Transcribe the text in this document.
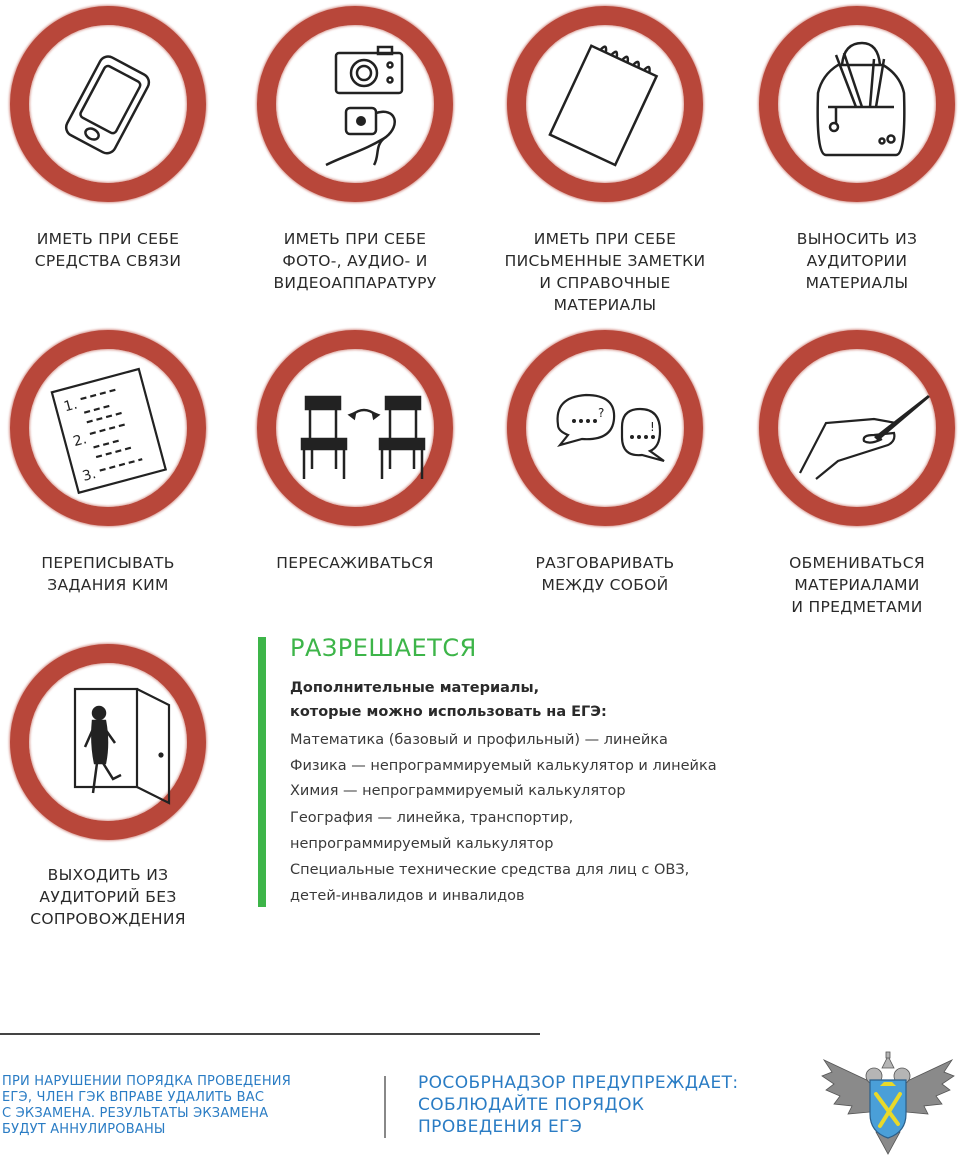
ИМЕТЬ ПРИ СЕБЕ
СРЕДСТВА СВЯЗИ
ИМЕТЬ ПРИ СЕБЕ
ФОТО-, АУДИО- И
ВИДЕОАППАРАТУРУ
ИМЕТЬ ПРИ СЕБЕ
ПИСЬМЕННЫЕ ЗАМЕТКИ
И СПРАВОЧНЫЕ
МАТЕРИАЛЫ
ВЫНОСИТЬ ИЗ
АУДИТОРИИ
МАТЕРИАЛЫ
1.
2.
3.
?
!
ПЕРЕПИСЫВАТЬ
ЗАДАНИЯ КИМ
ПЕРЕСАЖИВАТЬСЯ	РАЗГОВАРИВАТЬ
МЕЖДУ СОБОЙ
ОБМЕНИВАТЬСЯ
МАТЕРИАЛАМИ
И ПРЕДМЕТАМИ
ВЫХОДИТЬ ИЗ
АУДИТОРИЙ БЕЗ
СОПРОВОЖДЕНИЯ
РАЗРЕШАЕТСЯ
Дополнительные материалы,
которые можно использовать на ЕГЭ:
Математика (базовый и профильный) — линейка
Физика — непрограммируемый калькулятор и линейка
Химия — непрограммируемый калькулятор
География — линейка, транспортир,
непрограммируемый калькулятор
Специальные технические средства для лиц с ОВЗ,
детей-инвалидов и инвалидов
ПРИ НАРУШЕНИИ ПОРЯДКА ПРОВЕДЕНИЯ
ЕГЭ, ЧЛЕН ГЭК ВПРАВЕ УДАЛИТЬ ВАС
С ЭКЗАМЕНА. РЕЗУЛЬТАТЫ ЭКЗАМЕНА
БУДУТ АННУЛИРОВАНЫ
РОСОБРНАДЗОР ПРЕДУПРЕЖДАЕТ:
СОБЛЮДАЙТЕ ПОРЯДОК
ПРОВЕДЕНИЯ ЕГЭ
